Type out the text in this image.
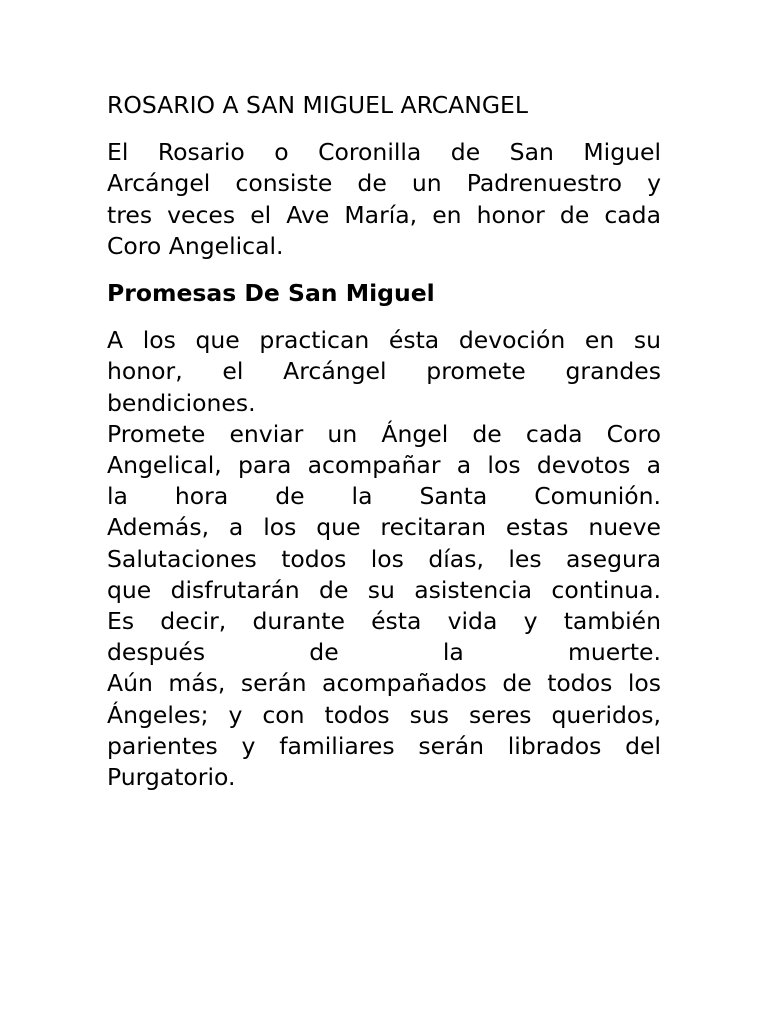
ROSARIO A SAN MIGUEL ARCANGEL

El Rosario o Coronilla de San Miguel
Arcángel consiste de un Padrenuestro y
tres veces el Ave María, en honor de cada
Coro Angelical.

Promesas De San Miguel

A los que practican ésta devoción en su
honor, el Arcángel promete grandes
bendiciones.
Promete enviar un Ángel de cada Coro
Angelical, para acompañar a los devotos a
la hora de la Santa Comunión.
Además, a los que recitaran estas nueve
Salutaciones todos los días, les asegura
que disfrutarán de su asistencia continua.
Es decir, durante ésta vida y también
después de la muerte.
Aún más, serán acompañados de todos los
Ángeles; y con todos sus seres queridos,
parientes y familiares serán librados del
Purgatorio.
